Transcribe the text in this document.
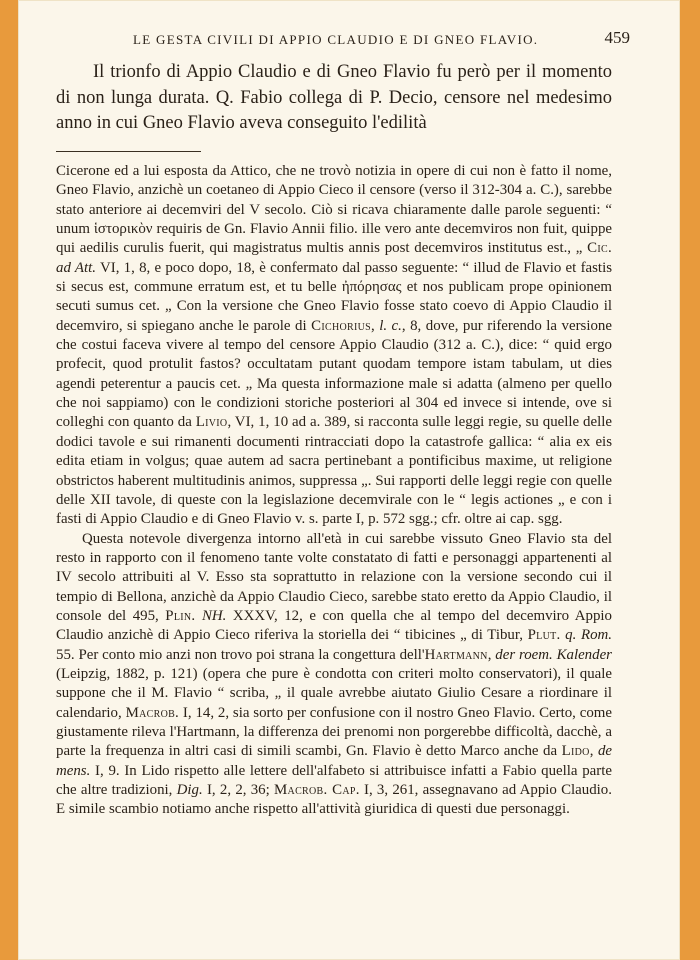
LE GESTA CIVILI DI APPIO CLAUDIO E DI GNEO FLAVIO.	459

Il trionfo di Appio Claudio e di Gneo Flavio fu però per il momento di non lunga durata. Q. Fabio collega di P. Decio, censore nel medesimo anno in cui Gneo Flavio aveva conseguito l'edilità

Cicerone ed a lui esposta da Attico, che ne trovò notizia in opere di cui non è fatto il nome, Gneo Flavio, anzichè un coetaneo di Appio Cieco il censore (verso il 312-304 a. C.), sarebbe stato anteriore ai decemviri del V secolo. Ciò si ricava chiaramente dalle parole seguenti: “ unum ἱστορικὸν requiris de Gn. Flavio Annii filio. ille vero ante decemviros non fuit, quippe qui aedilis curulis fuerit, qui magistratus multis annis post decemviros institutus est., „ Cic. ad Att. VI, 1, 8, e poco dopo, 18, è confermato dal passo seguente: “ illud de Flavio et fastis si secus est, commune erratum est, et tu belle ἠπόρησας et nos publicam prope opinionem secuti sumus cet. „ Con la versione che Gneo Flavio fosse stato coevo di Appio Claudio il decemviro, si spiegano anche le parole di Cichorius, l. c., 8, dove, pur riferendo la versione che costui faceva vivere al tempo del censore Appio Claudio (312 a. C.), dice: “ quid ergo profecit, quod protulit fastos? occultatam putant quodam tempore istam tabulam, ut dies agendi peterentur a paucis cet. „ Ma questa informazione male si adatta (almeno per quello che noi sappiamo) con le condizioni storiche posteriori al 304 ed invece si intende, ove si colleghi con quanto da Livio, VI, 1, 10 ad a. 389, si racconta sulle leggi regie, su quelle delle dodici tavole e sui rimanenti documenti rintracciati dopo la catastrofe gallica: “ alia ex eis edita etiam in volgus; quae autem ad sacra pertinebant a pontificibus maxime, ut religione obstrictos haberent multitudinis animos, suppressa „. Sui rapporti delle leggi regie con quelle delle XII tavole, di queste con la legislazione decemvirale con le “ legis actiones „ e con i fasti di Appio Claudio e di Gneo Flavio v. s. parte I, p. 572 sgg.; cfr. oltre ai cap. sgg.

Questa notevole divergenza intorno all'età in cui sarebbe vissuto Gneo Flavio sta del resto in rapporto con il fenomeno tante volte constatato di fatti e personaggi appartenenti al IV secolo attribuiti al V. Esso sta soprattutto in relazione con la versione secondo cui il tempio di Bellona, anzichè da Appio Claudio Cieco, sarebbe stato eretto da Appio Claudio, il console del 495, Plin. NH. XXXV, 12, e con quella che al tempo del decemviro Appio Claudio anzichè di Appio Cieco riferiva la storiella dei “ tibicines „ di Tibur, Plut. q. Rom. 55. Per conto mio anzi non trovo poi strana la congettura dell'Hartmann, der roem. Kalender (Leipzig, 1882, p. 121) (opera che pure è condotta con criteri molto conservatori), il quale suppone che il M. Flavio “ scriba, „ il quale avrebbe aiutato Giulio Cesare a riordinare il calendario, Macrob. I, 14, 2, sia sorto per confusione con il nostro Gneo Flavio. Certo, come giustamente rileva l'Hartmann, la differenza dei prenomi non porgerebbe difficoltà, dacchè, a parte la frequenza in altri casi di simili scambi, Gn. Flavio è detto Marco anche da Lido, de mens. I, 9. In Lido rispetto alle lettere dell'alfabeto si attribuisce infatti a Fabio quella parte che altre tradizioni, Dig. I, 2, 2, 36; Macrob. Cap. I, 3, 261, assegnavano ad Appio Claudio. E simile scambio notiamo anche rispetto all'attività giuridica di questi due personaggi.
